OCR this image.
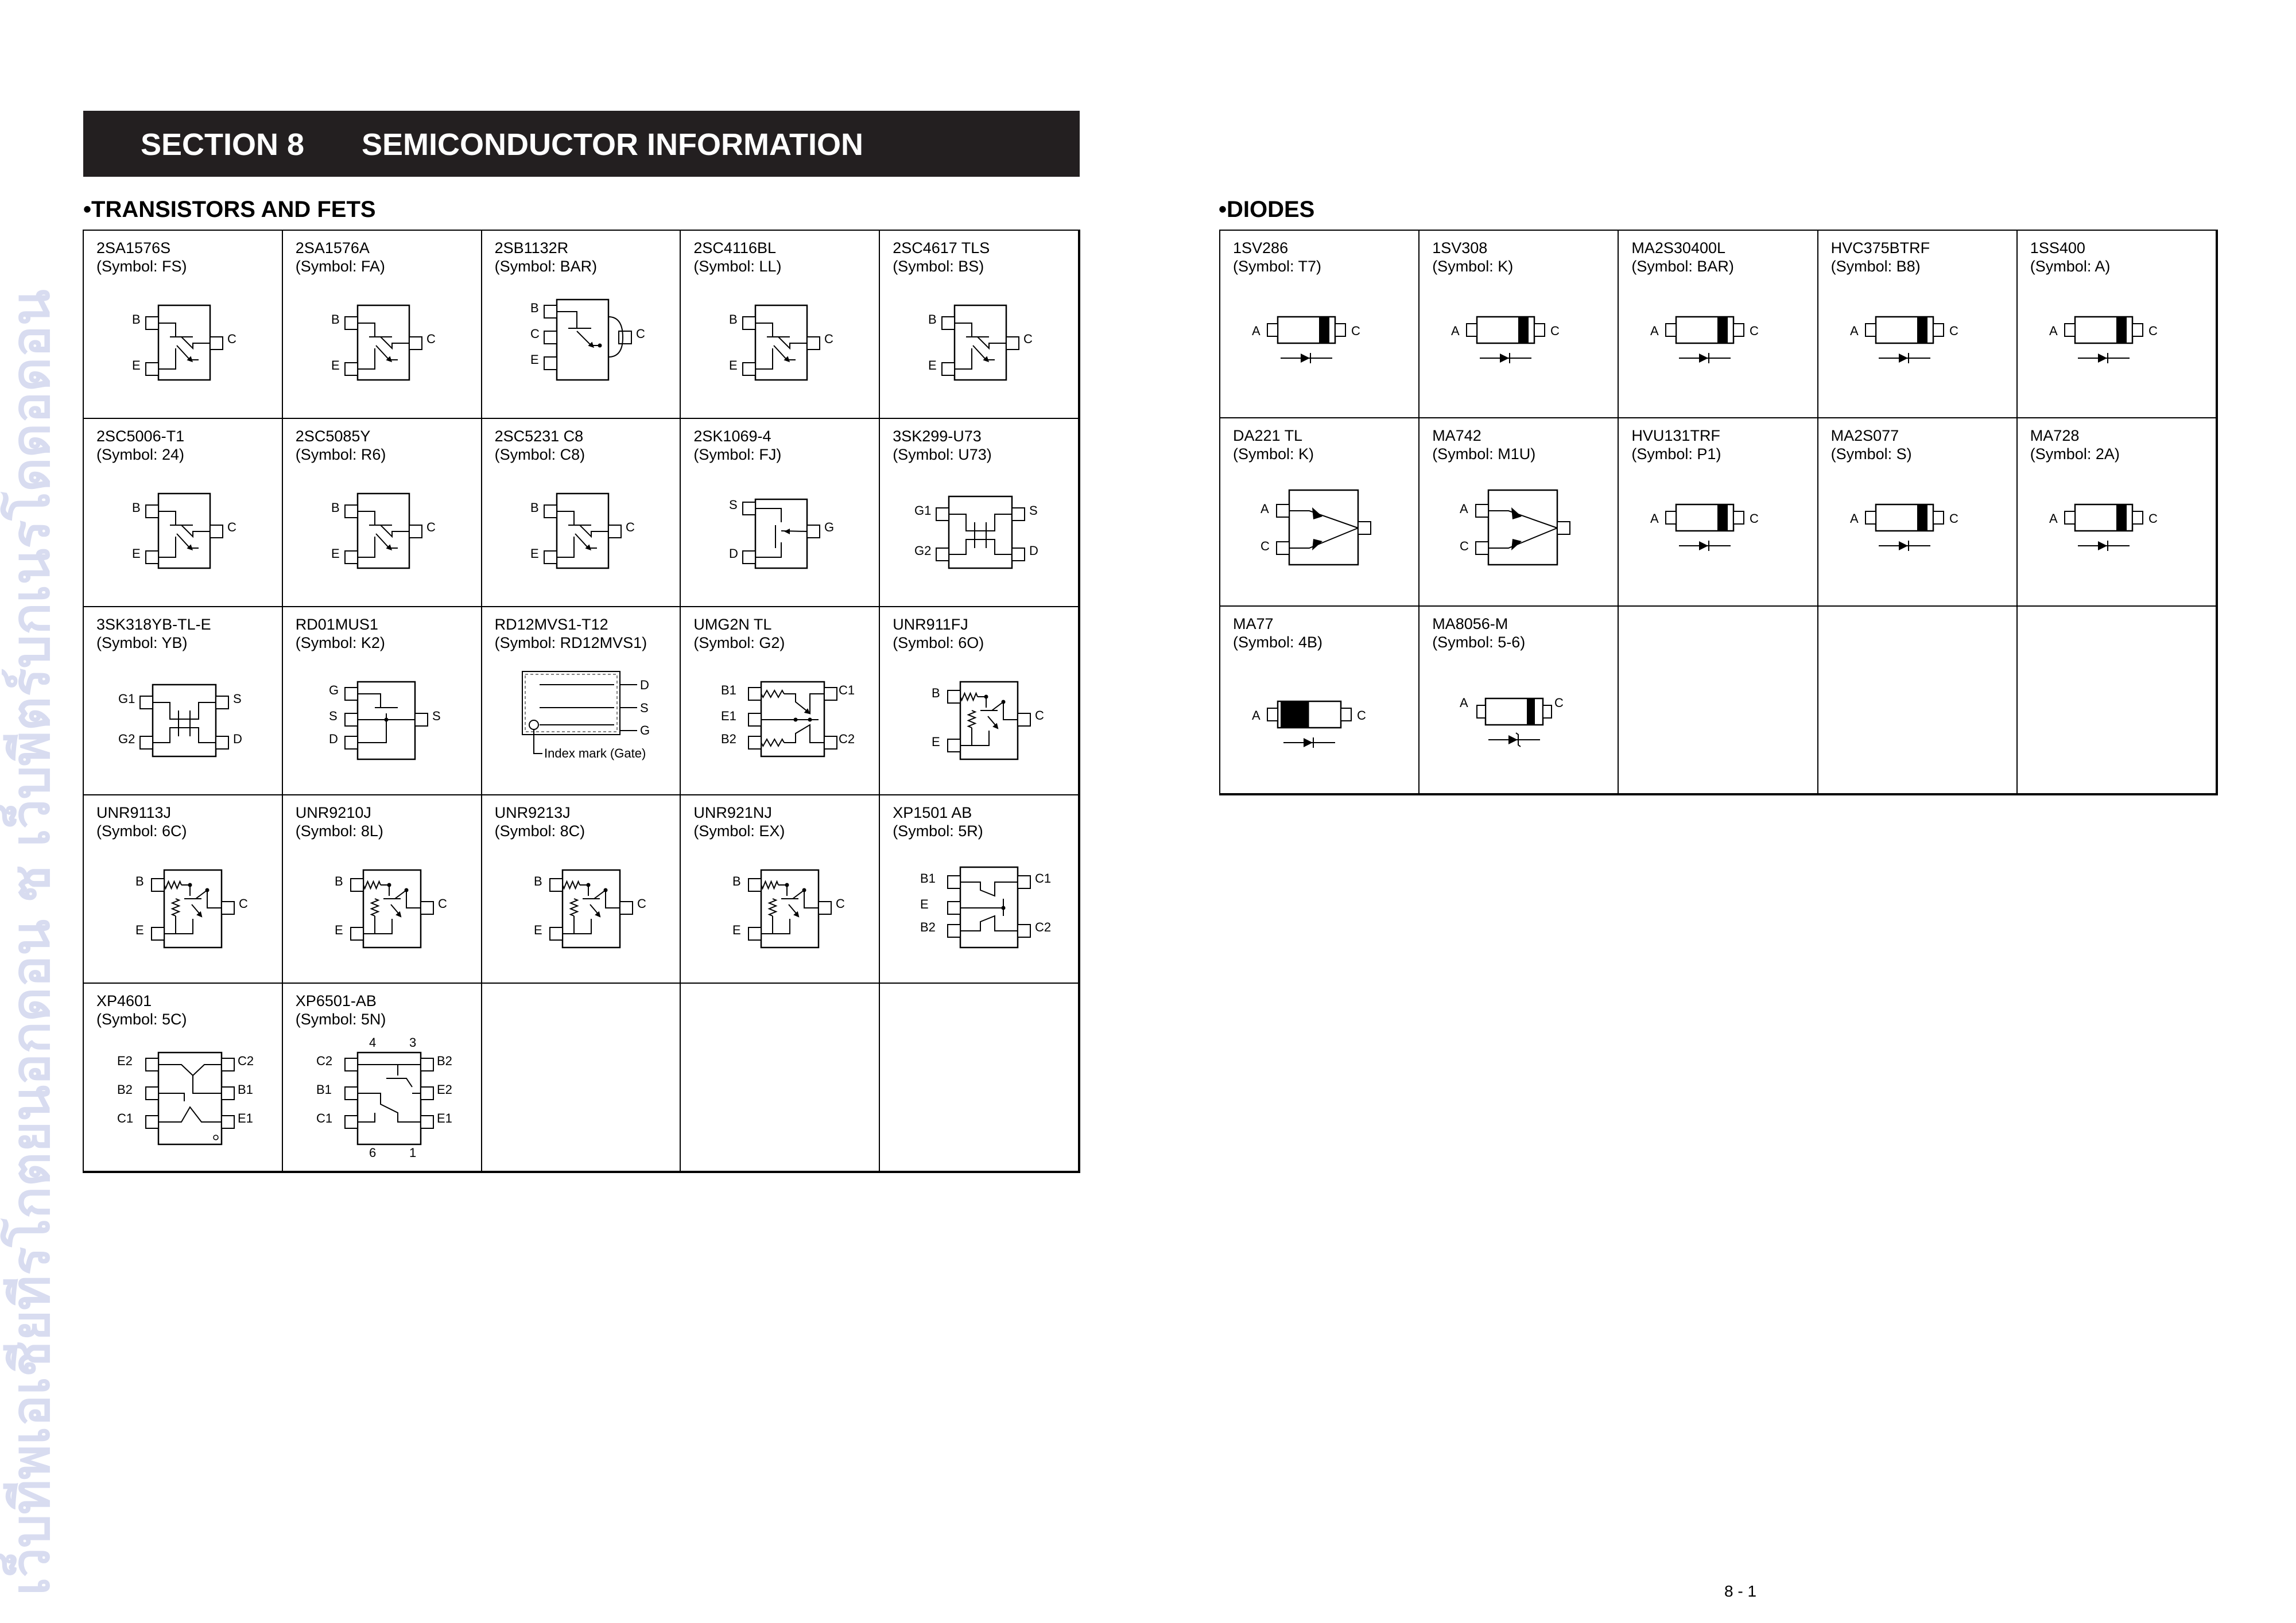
เว็บทีพเอเชียทีรโกตยนอกดอน ซ เว็บพีตร์บกเนรโดดอดอน
SECTION 8 SEMICONDUCTOR INFORMATION
•TRANSISTORS AND FETS	•DIODES
2SA1576S
(Symbol: FS)
B
E
C
2SA1576A
(Symbol: FA)
B
E
C
2SB1132R
(Symbol: BAR)
B
C
E
C
2SC4116BL
(Symbol: LL)
B
E
C
2SC4617 TLS
(Symbol: BS)
B
E
C
2SC5006-T1
(Symbol: 24)
B
E
C
2SC5085Y
(Symbol: R6)
B
E
C
2SC5231 C8
(Symbol: C8)
B
E
C
2SK1069-4
(Symbol: FJ)
S
D
G
3SK299-U73
(Symbol: U73)
G1
G2
S
D
3SK318YB-TL-E
(Symbol: YB)
G1
G2
S
D
RD01MUS1
(Symbol: K2)
G
S
D
S
RD12MVS1-T12
(Symbol: RD12MVS1)
D
S
G
Index mark (Gate)
UMG2N TL
(Symbol: G2)
B1
E1
B2
C1
C2
UNR911FJ
(Symbol: 6O)
B
E
C
UNR9113J
(Symbol: 6C)
B
E
C
UNR9210J
(Symbol: 8L)
B
E
C
UNR9213J
(Symbol: 8C)
B
E
C
UNR921NJ
(Symbol: EX)
B
E
C
XP1501 AB
(Symbol: 5R)
B1
E
B2
C1
C2
XP4601
(Symbol: 5C)
E2
B2
C1
C2
B1
E1
XP6501-AB
(Symbol: 5N)
4	3
6	1
C2
B1
C1
B2
E2
E1
1SV286
(Symbol: T7)
A	C
1SV308
(Symbol: K)
A	C
MA2S30400L
(Symbol: BAR)
A	C
HVC375BTRF
(Symbol: B8)
A	C
1SS400
(Symbol: A)
A	C
DA221 TL
(Symbol: K)
A
C
MA742
(Symbol: M1U)
A
C
HVU131TRF
(Symbol: P1)
A	C
MA2S077
(Symbol: S)
A	C
MA728
(Symbol: 2A)
A	C
MA77
(Symbol: 4B)
A	C
MA8056-M
(Symbol: 5-6)
A	C
8 - 1
